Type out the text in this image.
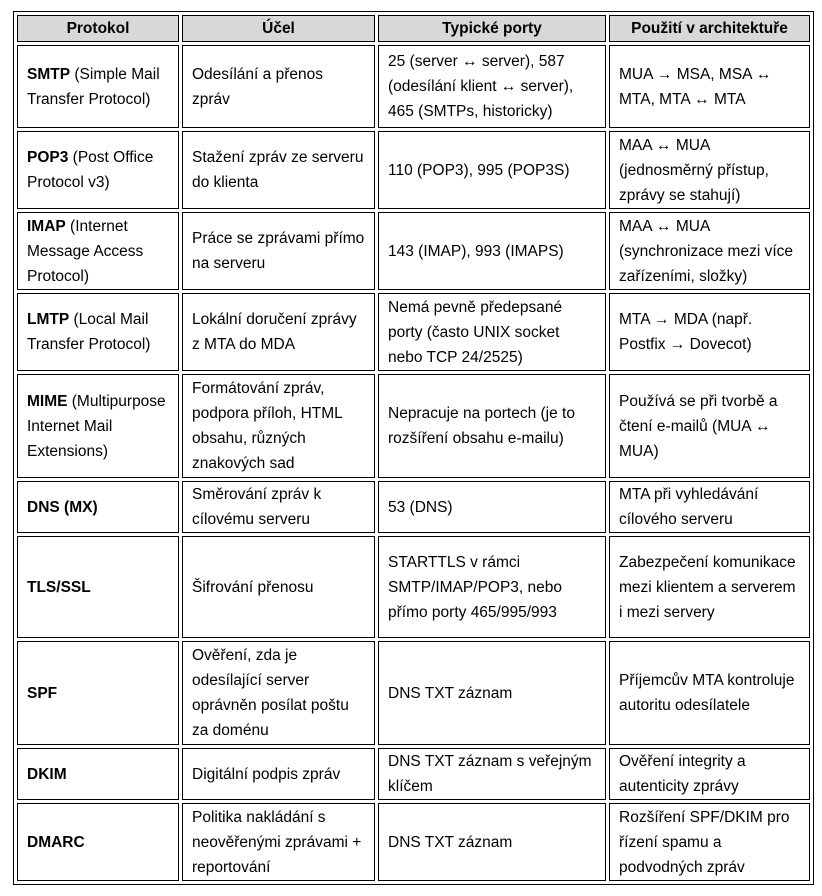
Protokol	Účel	Typické porty	Použití v architektuře
SMTP (Simple Mail Transfer Protocol)	Odesílání a přenos zpráv	25 (server ↔ server), 587 (odesílání klient ↔ server), 465 (SMTPs, historicky)	MUA → MSA, MSA ↔ MTA, MTA ↔ MTA
POP3 (Post Office Protocol v3)	Stažení zpráv ze serveru do klienta	110 (POP3), 995 (POP3S)	MAA ↔ MUA (jednosměrný přístup, zprávy se stahují)
IMAP (Internet Message Access Protocol)	Práce se zprávami přímo na serveru	143 (IMAP), 993 (IMAPS)	MAA ↔ MUA (synchronizace mezi více zařízeními, složky)
LMTP (Local Mail Transfer Protocol)	Lokální doručení zprávy z MTA do MDA	Nemá pevně předepsané porty (často UNIX socket nebo TCP 24/2525)	MTA → MDA (např. Postfix → Dovecot)
MIME (Multipurpose Internet Mail Extensions)	Formátování zpráv, podpora příloh, HTML obsahu, různých znakových sad	Nepracuje na portech (je to rozšíření obsahu e-mailu)	Používá se při tvorbě a čtení e-mailů (MUA ↔ MUA)
DNS (MX)	Směrování zpráv k cílovému serveru	53 (DNS)	MTA při vyhledávání cílového serveru
TLS/SSL	Šifrování přenosu	STARTTLS v rámci SMTP/IMAP/POP3, nebo přímo porty 465/995/993	Zabezpečení komunikace mezi klientem a serverem i mezi servery
SPF	Ověření, zda je odesílající server oprávněn posílat poštu za doménu	DNS TXT záznam	Příjemcův MTA kontroluje autoritu odesílatele
DKIM	Digitální podpis zpráv	DNS TXT záznam s veřejným klíčem	Ověření integrity a autenticity zprávy
DMARC	Politika nakládání s neověřenými zprávami + reportování	DNS TXT záznam	Rozšíření SPF/DKIM pro řízení spamu a podvodných zpráv
